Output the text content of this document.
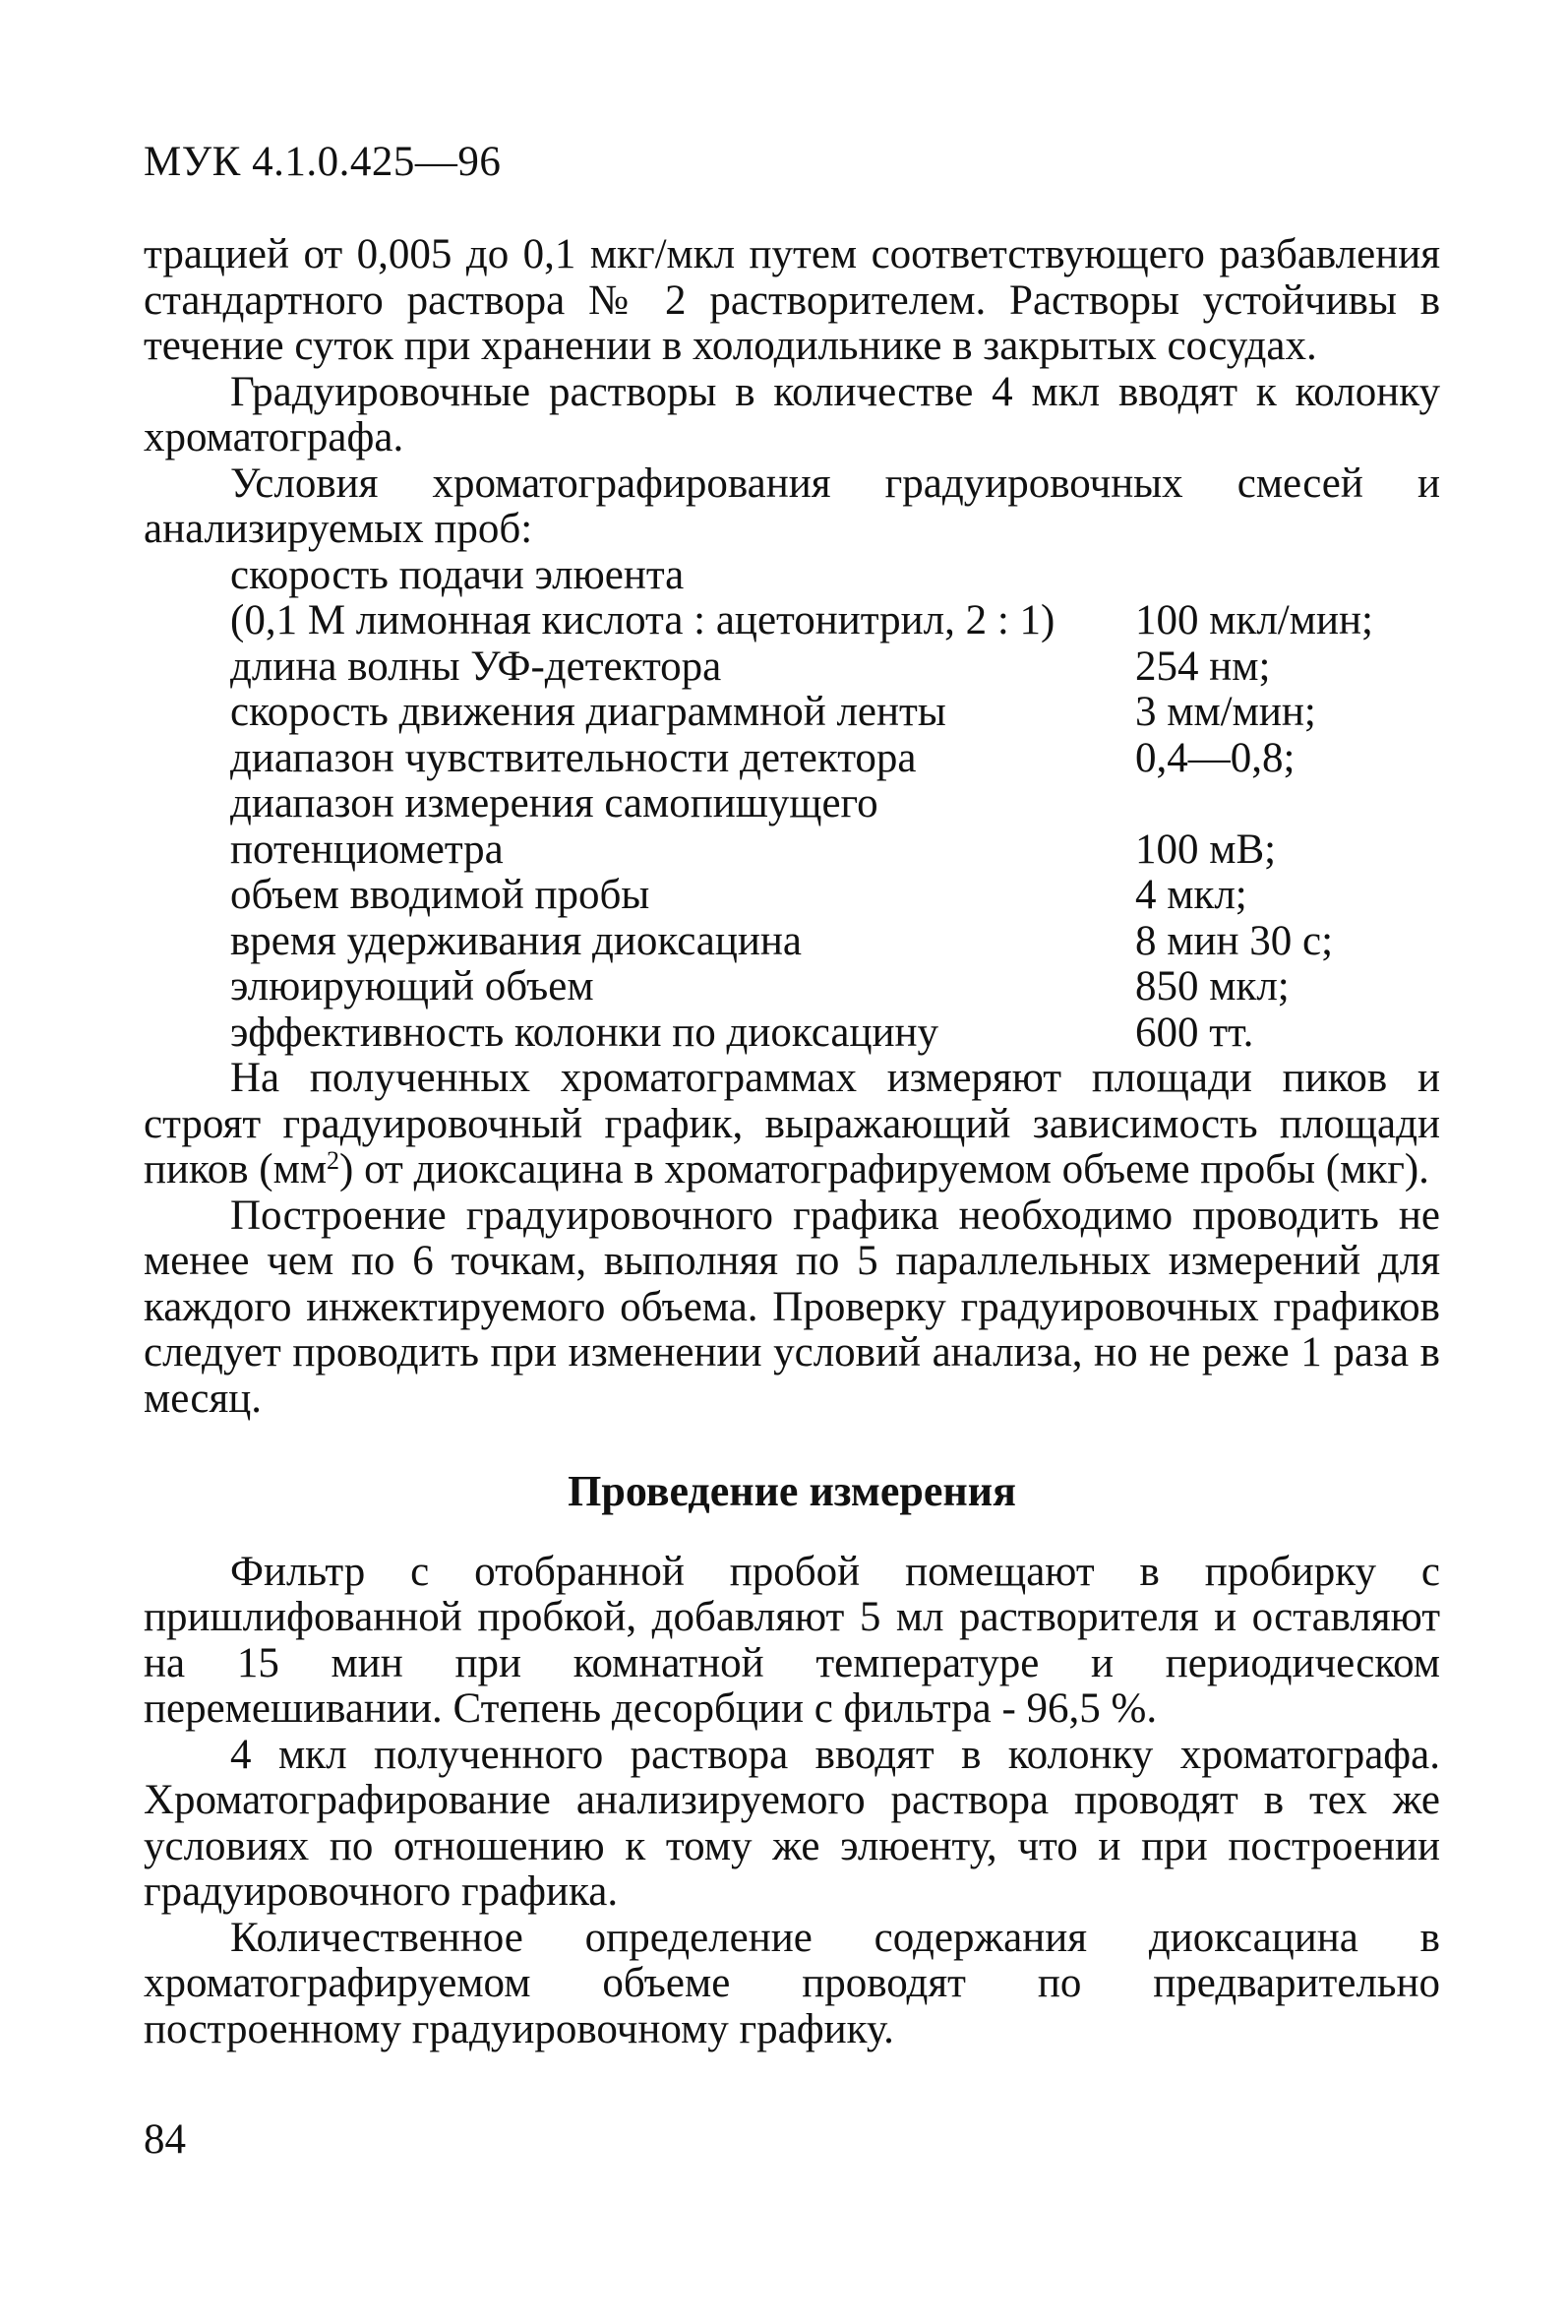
МУК 4.1.0.425—96

трацией от 0,005 до 0,1 мкг/мкл путем соответствующего разбавления стандартного раствора № 2 растворителем. Растворы устойчивы в течение суток при хранении в холодильнике в закрытых сосудах.

Градуировочные растворы в количестве 4 мкл вводят к колонку хроматографа.

Условия хроматографирования градуировочных смесей и анализируемых проб:

скорость подачи элюента
(0,1 М лимонная кислота : ацетонитрил, 2 : 1)	100 мкл/мин;
длина волны УФ-детектора	254 нм;
скорость движения диаграммной ленты	3 мм/мин;
диапазон чувствительности детектора	0,4—0,8;
диапазон измерения самопишущего
потенциометра	100 мВ;
объем вводимой пробы	4 мкл;
время удерживания диоксацина	8 мин 30 с;
элюирующий объем	850 мкл;
эффективность колонки по диоксацину	600 тт.

На полученных хроматограммах измеряют площади пиков и строят градуировочный график, выражающий зависимость площади пиков $(мм^2)$ от диоксацина в хроматографируемом объеме пробы (мкг).

Построение градуировочного графика необходимо проводить не менее чем по 6 точкам, выполняя по 5 параллельных измерений для каждого инжектируемого объема. Проверку градуировочных графиков следует проводить при изменении условий анализа, но не реже 1 раза в месяц.

Проведение измерения

Фильтр с отобранной пробой помещают в пробирку с пришлифованной пробкой, добавляют 5 мл растворителя и оставляют на 15 мин при комнатной температуре и периодическом перемешивании. Степень десорбции с фильтра - 96,5 %.

4 мкл полученного раствора вводят в колонку хроматографа. Хроматографирование анализируемого раствора проводят в тех же условиях по отношению к тому же элюенту, что и при построении градуировочного графика.

Количественное определение содержания диоксацина в хроматографируемом объеме проводят по предварительно построенному градуировочному графику.

84
